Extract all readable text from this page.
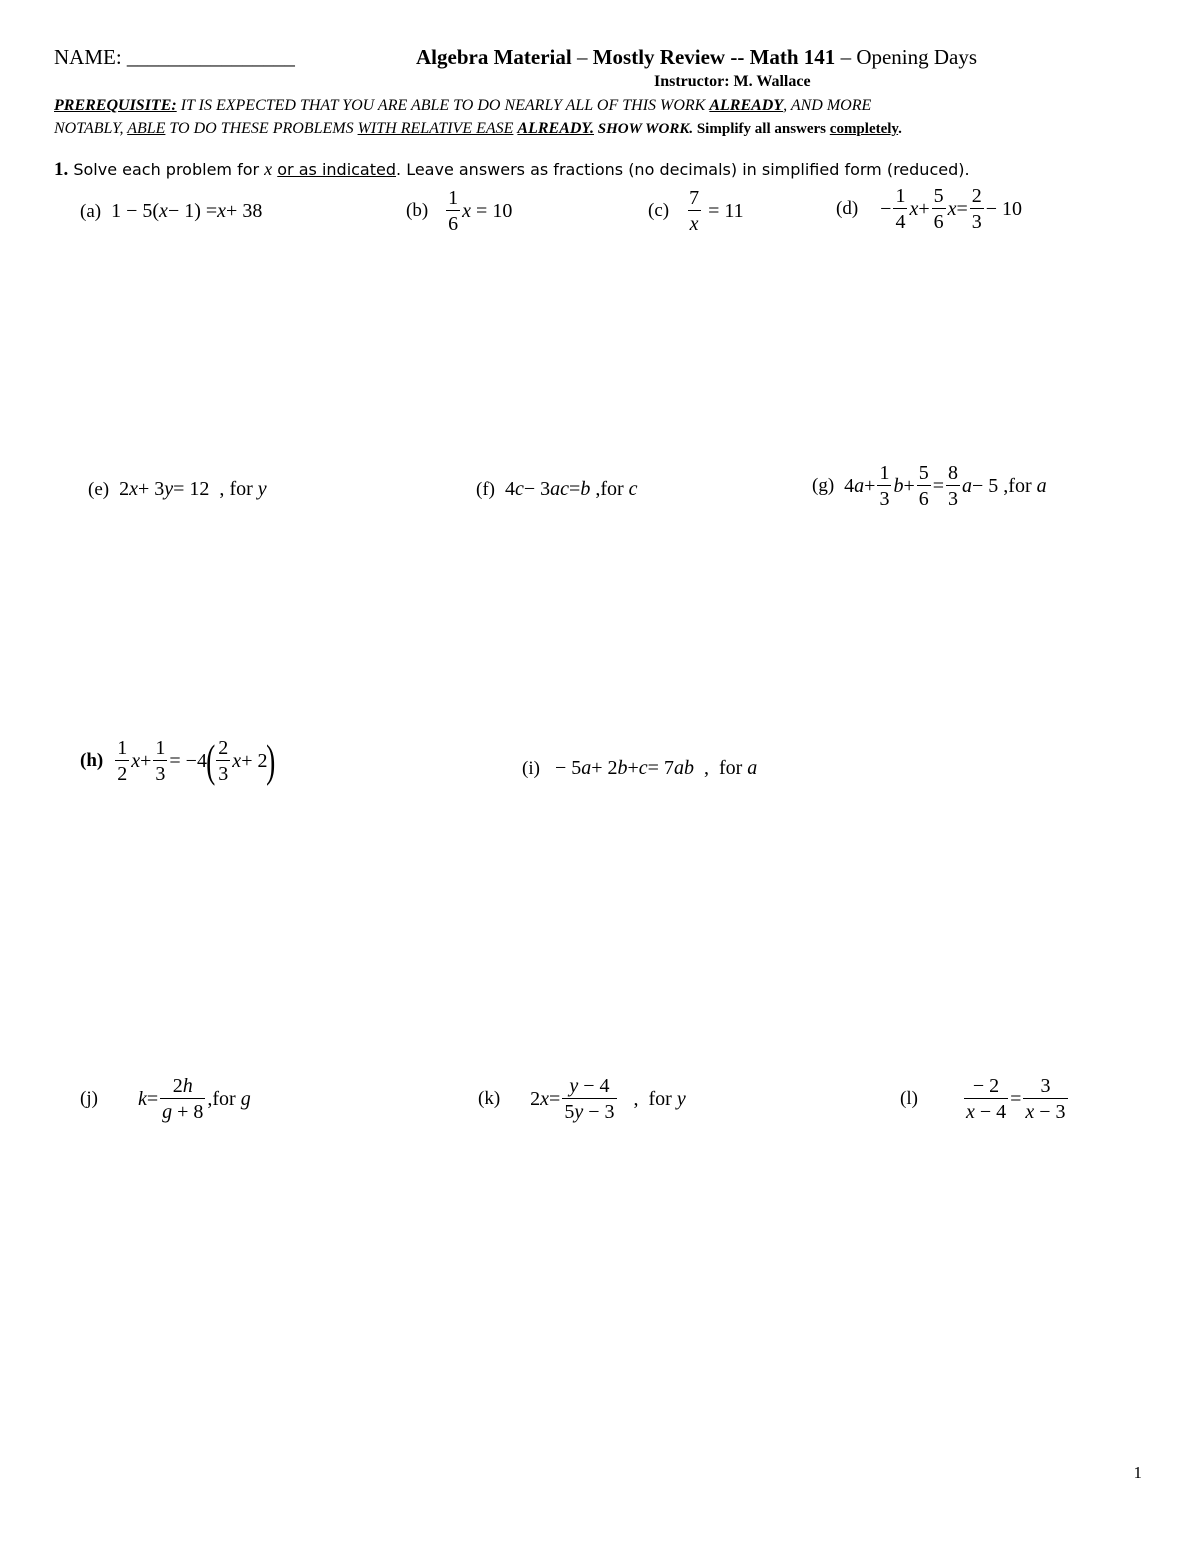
NAME: ________________	Algebra Material – Mostly Review -- Math 141 – Opening Days
Instructor: M. Wallace
PREREQUISITE: IT IS EXPECTED THAT YOU ARE ABLE TO DO NEARLY ALL OF THIS WORK ALREADY, AND MORE
NOTABLY, ABLE TO DO THESE PROBLEMS WITH RELATIVE EASE ALREADY. SHOW WORK. Simplify all answers completely.
1. Solve each problem for x or as indicated. Leave answers as fractions (no decimals) in simplified form (reduced).
(a) 1 − 5( x − 1) = x + 38	$(b) \frac{1}{6}$ x = 10	$(c) \frac{7}{x} = 11$	(d)	− $\frac{1}{4}$ $x + \frac{5}{6}$ $x = \frac{2}{3} - 10$
(e) 2 x + 3 y = 12  , for
y	(f) 4 c − 3 ac = b , for
c	(g) 4 $a + \frac{1}{3}$ $b + \frac{5}{6} = \frac{8}{3}$ a − 5 , for
a
$(h) \frac{1}{2}$ $x + \frac{1}{3} = -4$ ( $\frac{2}{3}$ x + 2 )	(i) − 5 a + 2 b + c = 7 ab , for
a
(j) $k = \frac{2h}{g + 8}$ , for
g	(k) 2 $x = \frac{y - 4}{5y - 3}$ , for
y	$(l) \frac{- 2}{x - 4} = \frac{3}{x - 3}$
1
